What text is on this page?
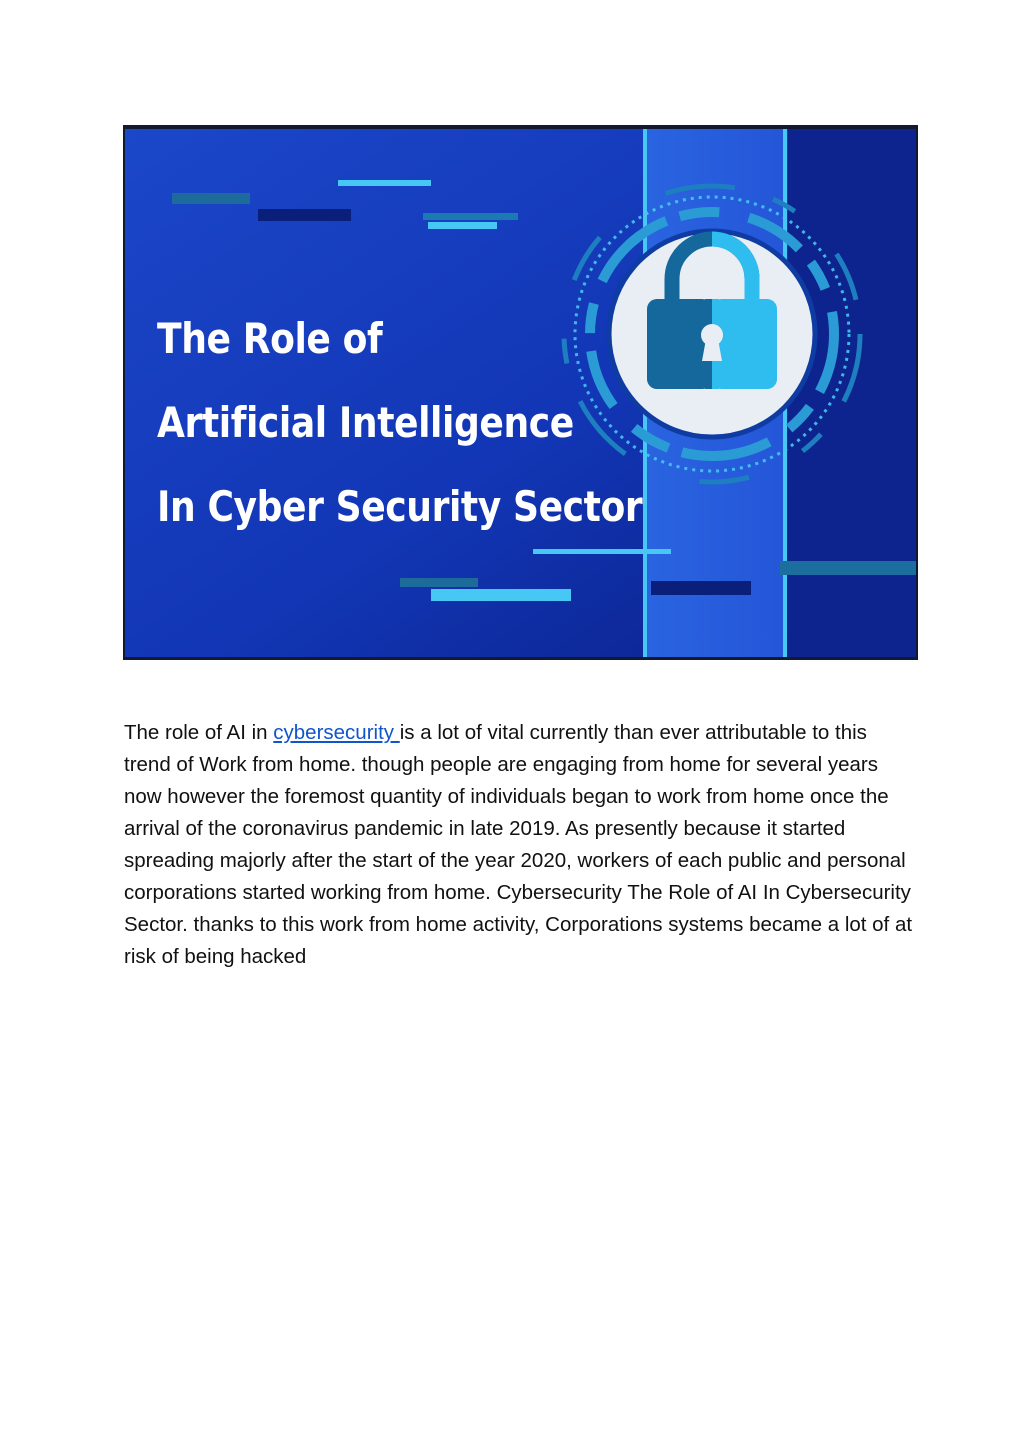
The Role of
Artificial Intelligence
In Cyber Security Sector

The role of AI in cybersecurity is a lot of vital currently than ever attributable to this trend of Work from home. though people are engaging from home for several years now however the foremost quantity of individuals began to work from home once the arrival of the coronavirus pandemic in late 2019. As presently because it started spreading majorly after the start of the year 2020, workers of each public and personal corporations started working from home. Cybersecurity The Role of AI In Cybersecurity Sector. thanks to this work from home activity, Corporations systems became a lot of at risk of being hacked
